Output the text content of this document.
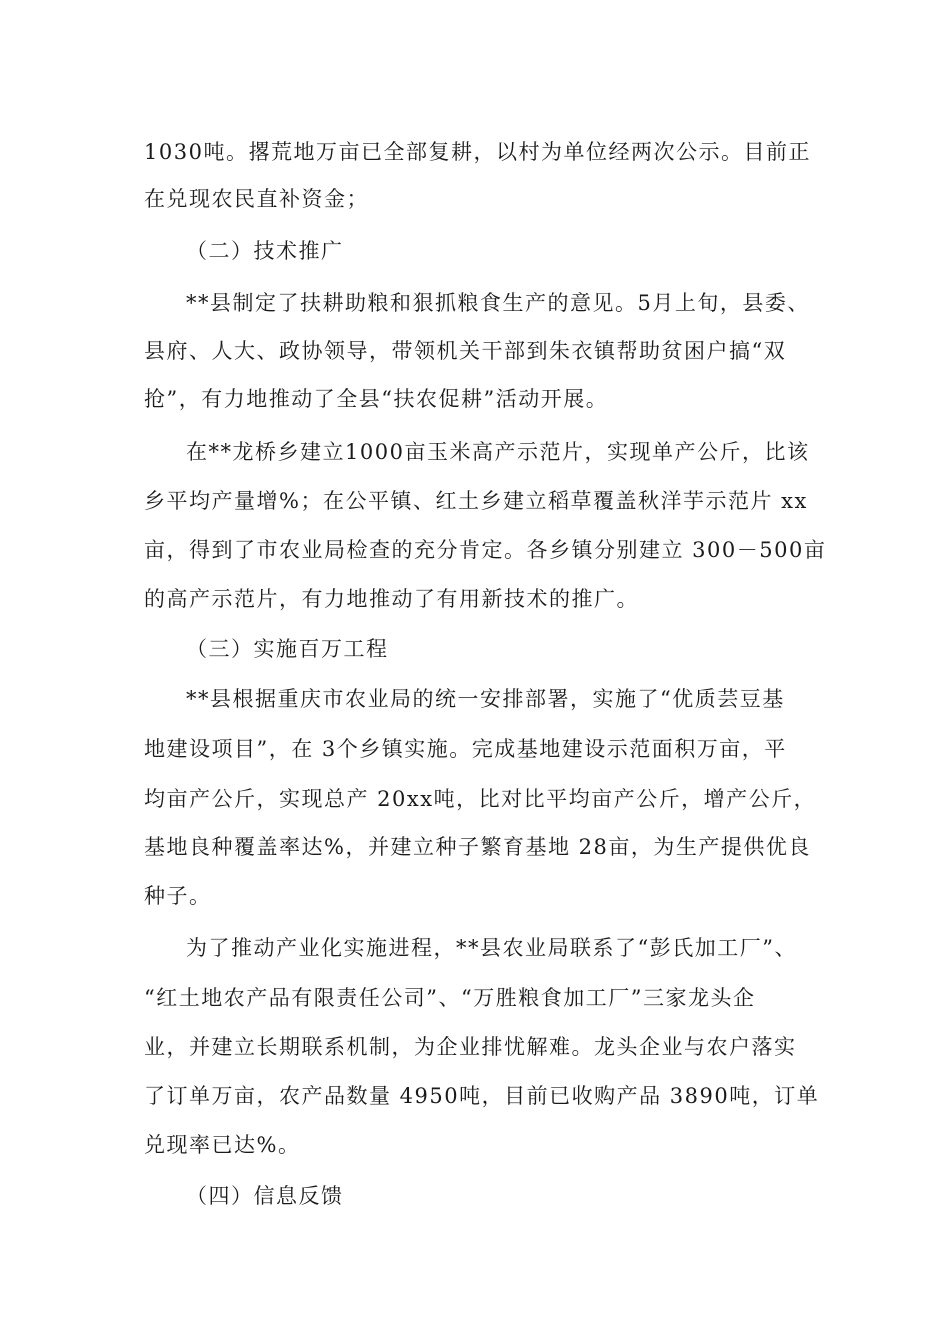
1030吨。撂荒地万亩已全部复耕，以村为单位经两次公示。目前正
在兑现农民直补资金；
（二）技术推广
**县制定了扶耕助粮和狠抓粮食生产的意见。5月上旬，县委、
县府、人大、政协领导，带领机关干部到朱衣镇帮助贫困户搞“双
抢”，有力地推动了全县“扶农促耕”活动开展。
在**龙桥乡建立1000亩玉米高产示范片，实现单产公斤，比该
乡平均产量增%；在公平镇、红土乡建立稻草覆盖秋洋芋示范片 xx
亩，得到了市农业局检查的充分肯定。各乡镇分别建立 300－500亩
的高产示范片，有力地推动了有用新技术的推广。
（三）实施百万工程
**县根据重庆市农业局的统一安排部署，实施了“优质芸豆基
地建设项目”，在 3个乡镇实施。完成基地建设示范面积万亩，平
均亩产公斤，实现总产 20xx吨，比对比平均亩产公斤，增产公斤，
基地良种覆盖率达%，并建立种子繁育基地 28亩，为生产提供优良
种子。
为了推动产业化实施进程，**县农业局联系了“彭氏加工厂”、
“红土地农产品有限责任公司”、“万胜粮食加工厂”三家龙头企
业，并建立长期联系机制，为企业排忧解难。龙头企业与农户落实
了订单万亩，农产品数量 4950吨，目前已收购产品 3890吨，订单
兑现率已达%。
（四）信息反馈
